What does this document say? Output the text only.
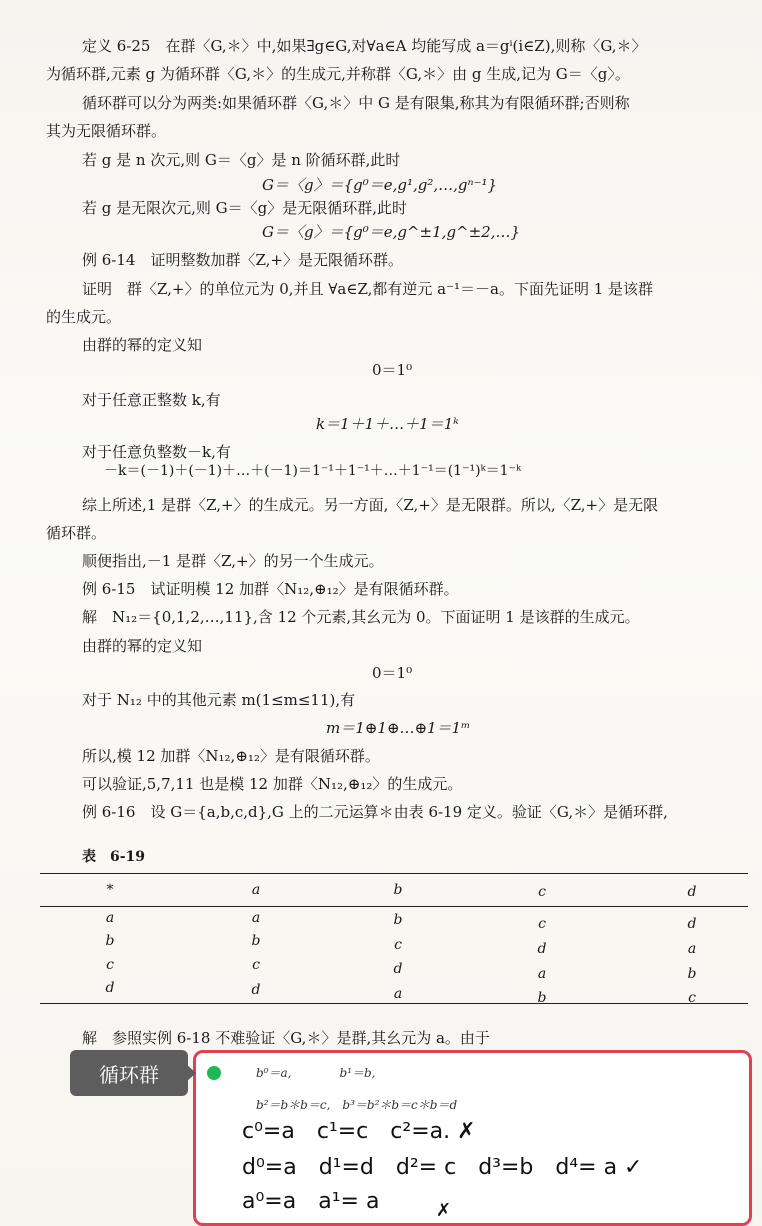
定义 6-25　在群〈G,＊〉中,如果∃g∈G,对∀a∈A 均能写成 a＝gⁱ(i∈Z),则称〈G,＊〉
为循环群,元素 g 为循环群〈G,＊〉的生成元,并称群〈G,＊〉由 g 生成,记为 G＝〈g〉。
循环群可以分为两类:如果循环群〈G,＊〉中 G 是有限集,称其为有限循环群;否则称
其为无限循环群。
若 g 是 n 次元,则 G＝〈g〉是 n 阶循环群,此时
G＝〈g〉＝{g⁰＝e,g¹,g²,…,gⁿ⁻¹}
若 g 是无限次元,则 G＝〈g〉是无限循环群,此时
G＝〈g〉＝{g⁰＝e,g^±1,g^±2,…}
例 6-14　证明整数加群〈Z,+〉是无限循环群。
证明　群〈Z,+〉的单位元为 0,并且 ∀a∈Z,都有逆元 a⁻¹＝－a。下面先证明 1 是该群
的生成元。
由群的幂的定义知
0＝1⁰
对于任意正整数 k,有
k＝1＋1＋…＋1＝1ᵏ
对于任意负整数－k,有
－k＝(－1)＋(－1)＋…＋(－1)＝1⁻¹＋1⁻¹＋…＋1⁻¹＝(1⁻¹)ᵏ＝1⁻ᵏ
综上所述,1 是群〈Z,+〉的生成元。另一方面,〈Z,+〉是无限群。所以,〈Z,+〉是无限
循环群。
顺便指出,－1 是群〈Z,+〉的另一个生成元。
例 6-15　试证明模 12 加群〈N₁₂,⊕₁₂〉是有限循环群。
解　N₁₂＝{0,1,2,…,11},含 12 个元素,其幺元为 0。下面证明 1 是该群的生成元。
由群的幂的定义知
0＝1⁰
对于 N₁₂ 中的其他元素 m(1≤m≤11),有
m＝1⊕1⊕…⊕1＝1ᵐ
所以,模 12 加群〈N₁₂,⊕₁₂〉是有限循环群。
可以验证,5,7,11 也是模 12 加群〈N₁₂,⊕₁₂〉的生成元。
例 6-16　设 G＝{a,b,c,d},G 上的二元运算＊由表 6-19 定义。验证〈G,＊〉是循环群,
表　6-19
*	a	b	c	d
a	a	b	c	d
b	b	c	d	a
c	c	d	a	b
d	d	a	b	c
解　参照实例 6-18 不难验证〈G,＊〉是群,其幺元为 a。由于
循环群	b⁰＝a,　　　　b¹＝b,
b²＝b＊b＝c,　b³＝b²＊b＝c＊b＝d
c⁰=a　c¹=c　c²=a. ✗
d⁰=a　d¹=d　d²= c　d³=b　d⁴= a ✓
a⁰=a　a¹= a	✗
